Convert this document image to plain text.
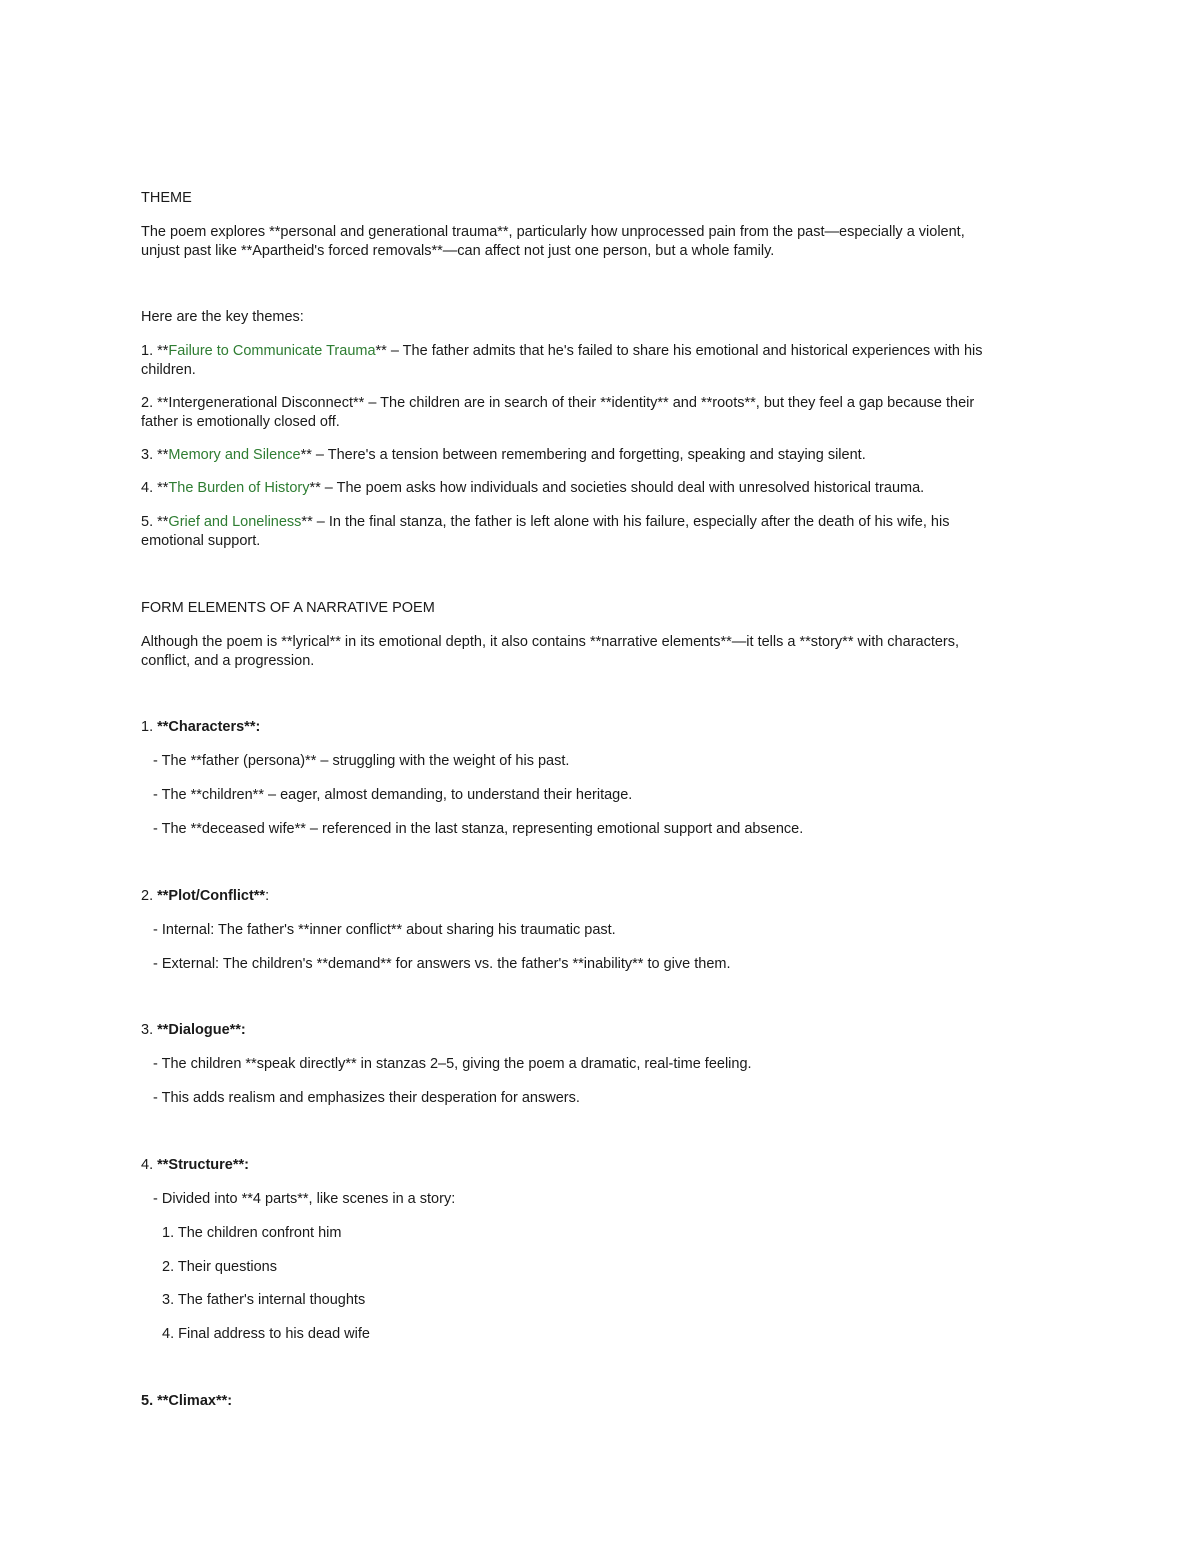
THEME
The poem explores **personal and generational trauma**, particularly how unprocessed pain from the past—especially a violent,
unjust past like **Apartheid's forced removals**—can affect not just one person, but a whole family.
Here are the key themes:
1. **Failure to Communicate Trauma** – The father admits that he's failed to share his emotional and historical experiences with his
children.
2. **Intergenerational Disconnect** – The children are in search of their **identity** and **roots**, but they feel a gap because their
father is emotionally closed off.
3. **Memory and Silence** – There's a tension between remembering and forgetting, speaking and staying silent.
4. **The Burden of History** – The poem asks how individuals and societies should deal with unresolved historical trauma.
5. **Grief and Loneliness** – In the final stanza, the father is left alone with his failure, especially after the death of his wife, his
emotional support.
FORM ELEMENTS OF A NARRATIVE POEM
Although the poem is **lyrical** in its emotional depth, it also contains **narrative elements**—it tells a **story** with characters,
conflict, and a progression.
1. **Characters**:
- The **father (persona)** – struggling with the weight of his past.
- The **children** – eager, almost demanding, to understand their heritage.
- The **deceased wife** – referenced in the last stanza, representing emotional support and absence.
2. **Plot/Conflict**:
- Internal: The father's **inner conflict** about sharing his traumatic past.
- External: The children's **demand** for answers vs. the father's **inability** to give them.
3. **Dialogue**:
- The children **speak directly** in stanzas 2–5, giving the poem a dramatic, real-time feeling.
- This adds realism and emphasizes their desperation for answers.
4. **Structure**:
- Divided into **4 parts**, like scenes in a story:
1. The children confront him
2. Their questions
3. The father's internal thoughts
4. Final address to his dead wife
5. **Climax**:
